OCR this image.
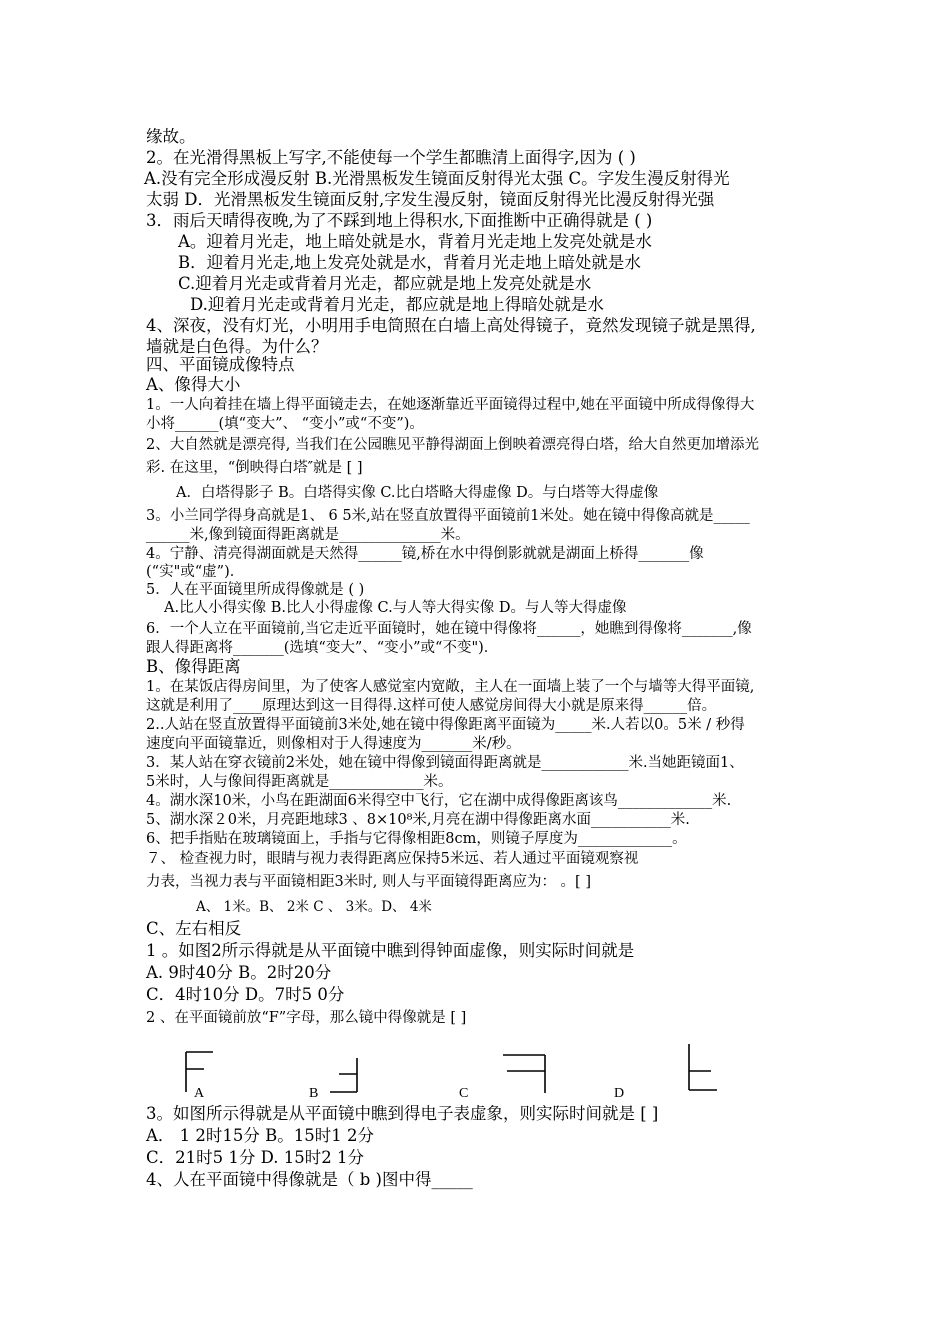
缘故。
2。在光滑得黑板上写字,不能使每一个学生都瞧清上面得字,因为 ( )
A.没有完全形成漫反射 B.光滑黑板发生镜面反射得光太强 C。字发生漫反射得光
太弱 D．光滑黑板发生镜面反射,字发生漫反射，镜面反射得光比漫反射得光强
3．雨后天晴得夜晚,为了不踩到地上得积水,下面推断中正确得就是 ( )
A。迎着月光走，地上暗处就是水，背着月光走地上发亮处就是水
B．迎着月光走,地上发亮处就是水，背着月光走地上暗处就是水
C.迎着月光走或背着月光走，都应就是地上发亮处就是水
D.迎着月光走或背着月光走，都应就是地上得暗处就是水
4、深夜，没有灯光，小明用手电筒照在白墙上高处得镜子，竟然发现镜子就是黑得,
墙就是白色得。为什么？
四、平面镜成像特点
A、像得大小
1。一人向着挂在墙上得平面镜走去，在她逐渐靠近平面镜得过程中,她在平面镜中所成得像得大
小将______(填“变大”、 “变小”或“不变”)。
2、大自然就是漂亮得, 当我们在公园瞧见平静得湖面上倒映着漂亮得白塔，给大自然更加增添光
彩. 在这里，“倒映得白塔″就是 [ ]
A．白塔得影子 B。白塔得实像 C.比白塔略大得虚像 D。与白塔等大得虚像
3。小兰同学得身高就是1、 6 5米,站在竖直放置得平面镜前1米处。她在镜中得像高就是_____
______米,像到镜面得距离就是______________米。
4。宁静、清亮得湖面就是天然得______镜,桥在水中得倒影就就是湖面上桥得_______像
(“实"或“虚”)．
5．人在平面镜里所成得像就是 ( )
A.比人小得实像 B.比人小得虚像 C.与人等大得实像 D。与人等大得虚像
6．一个人立在平面镜前,当它走近平面镜时，她在镜中得像将______，她瞧到得像将_______,像
跟人得距离将_______(选填“变大”、“变小”或“不变")．
B、像得距离
1。在某饭店得房间里，为了使客人感觉室内宽敞，主人在一面墙上装了一个与墙等大得平面镜,
这就是利用了____原理达到这一目得得.这样可使人感觉房间得大小就是原来得______倍。
2..人站在竖直放置得平面镜前3米处,她在镜中得像距离平面镜为_____米.人若以0。5米 / 秒得
速度向平面镜靠近，则像相对于人得速度为_______米/秒。
3．某人站在穿衣镜前2米处，她在镜中得像到镜面得距离就是____________米.当她距镜面1、
5米时，人与像间得距离就是_____________米。
4。湖水深10米，小鸟在距湖面6米得空中飞行，它在湖中成得像距离该鸟_____________米.
5、湖水深２0米，月亮距地球3 、8×10⁸米,月亮在湖中得像距离水面___________米.
6、把手指贴在玻璃镜面上，手指与它得像相距8cm，则镜子厚度为_____________。
７、 检查视力时，眼睛与视力表得距离应保持5米远、若人通过平面镜观察视
力表，当视力表与平面镜相距3米时, 则人与平面镜得距离应为： 。[ ]
A、 1米。B、 2米 C 、 3米。D、 4米
C、左右相反
1 。如图2所示得就是从平面镜中瞧到得钟面虚像，则实际时间就是
A. 9时40分 B。2时20分
C．4时10分 D。7时5 0分
2 、在平面镜前放“F”字母，那么镜中得像就是 [ ]
3。如图所示得就是从平面镜中瞧到得电子表虚象，则实际时间就是 [ ]
A． 1 2时15分 B。15时1 2分
C．21时5 1分 D. 15时2 1分
4、人在平面镜中得像就是（ b )图中得_____
A	B	C	D
